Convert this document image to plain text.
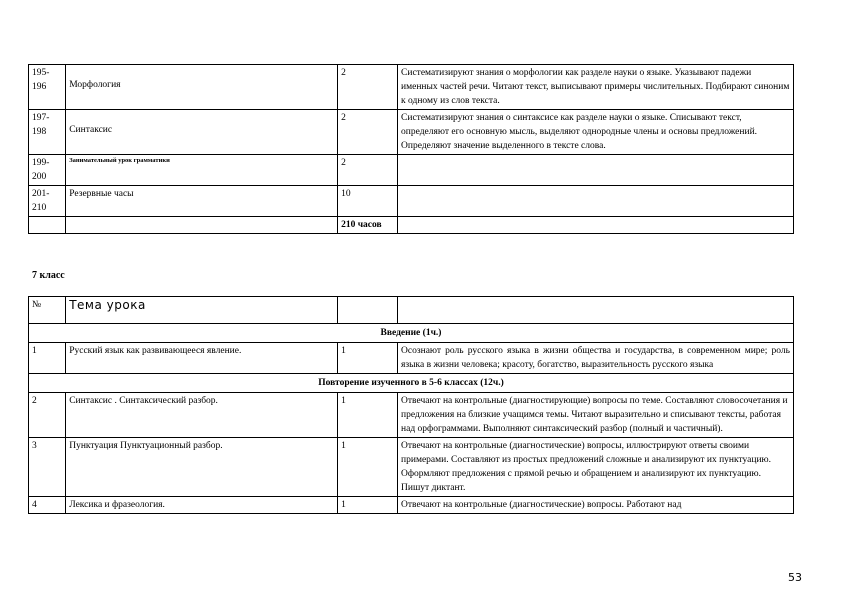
195-196	Морфология	2	Систематизируют знания о морфологии как разделе науки о языке. Указывают падежи именных частей речи. Читают текст, выписывают примеры числительных. Подбирают синоним к одному из слов текста.
197-198	Синтаксис	2	Систематизируют знания о синтаксисе как разделе науки о языке. Списывают текст, определяют его основную мысль, выделяют однородные члены и основы предложений. Определяют значение выделенного в тексте слова.
199-200	Занимательный урок грамматики	2	
201-210	Резервные часы	10	
		210 часов	
7 класс
№	Тема урока		
Введение (1ч.)			
1	Русский язык как развивающееся явление.	1	Осознают роль русского языка в жизни общества и государства, в современном мире; роль языка в жизни человека; красоту, богатство, выразительность русского языка
Повторение изученного в 5-6 классах (12ч.)			
2	Синтаксис . Синтаксический разбор.	1	Отвечают на контрольные (диагностирующие) вопросы по теме. Составляют словосочетания и предложения на близкие учащимся темы. Читают выразительно и списывают тексты, работая над орфограммами. Выполняют синтаксический разбор (полный и частичный).
3	Пунктуация Пунктуационный разбор.	1	Отвечают на контрольные (диагностические) вопросы, иллюстрируют ответы своими примерами. Составляют из простых предложений сложные и анализируют их пунктуацию. Оформляют предложения с прямой речью и обращением и анализируют их пунктуацию. Пишут диктант.
4	Лексика и фразеология.	1	Отвечают на контрольные (диагностические) вопросы. Работают над
53
